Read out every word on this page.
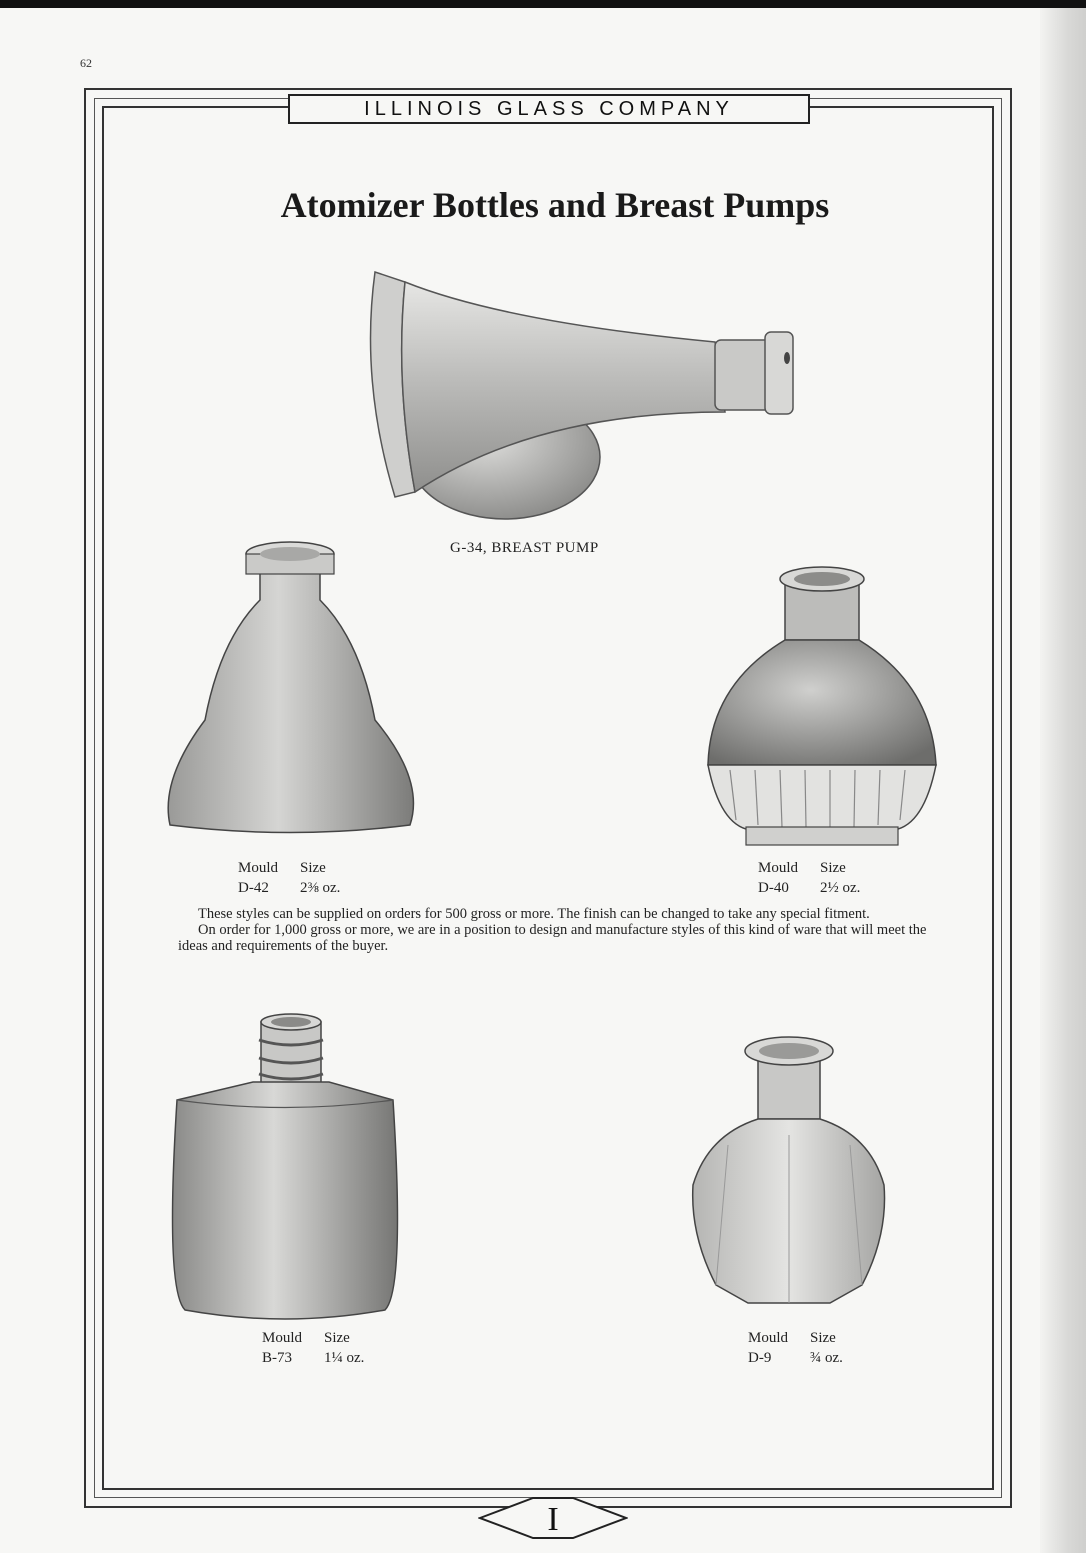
62
ILLINOIS GLASS COMPANY
Atomizer Bottles and Breast Pumps
G-34, BREAST PUMP
Mould	Size
D-42	2⅜ oz.
Mould	Size
D-40	2½ oz.

These styles can be supplied on orders for 500 gross or more. The finish can be changed to take any special fitment.

On order for 1,000 gross or more, we are in a position to design and manufacture styles of this kind of ware that will meet the ideas and requirements of the buyer.

Mould	Size
B-73	1¼ oz.
Mould	Size
D-9	¾ oz.
I
